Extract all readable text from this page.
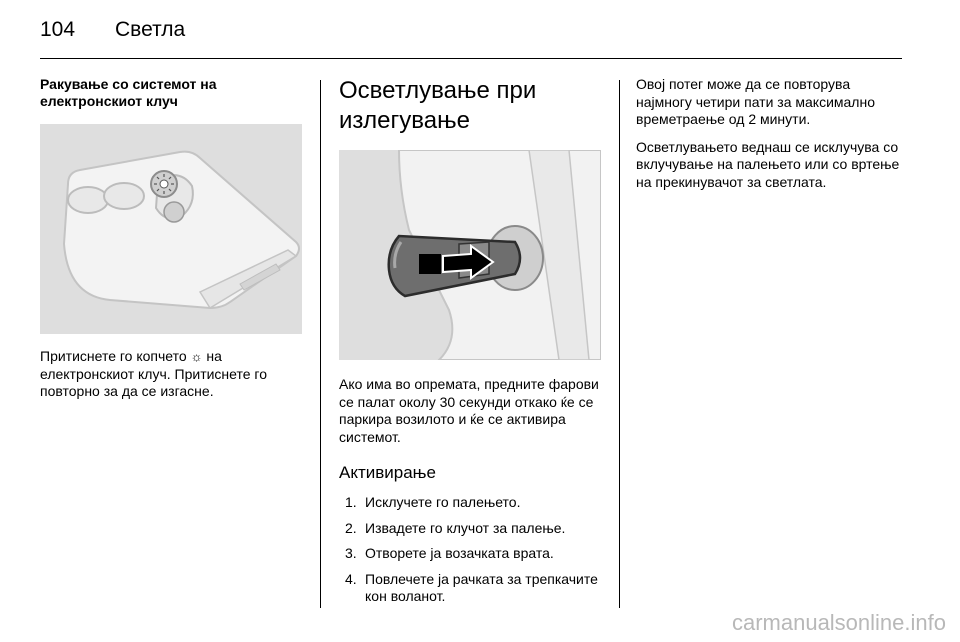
104 Светла
Ракување со системот на електронскиот клуч

Притиснете го копчето ☼ на електронскиот клуч. Притиснете го повторно за да се изгасне.

Осветлување при излегување

Ако има во опремата, предните фарови се палат околу 30 секунди откако ќе се паркира возилото и ќе се активира системот.

Активирање
1. Исклучете го палењето.
2. Извадете го клучот за палење.
3. Отворете ја возачката врата.
4. Повлечете ја рачката за трепкачите кон воланот.

Овој потег може да се повторува најмногу четири пати за максимално времетраење од 2 минути.

Осветлувањето веднаш се исклучува со вклучување на палењето или со вртење на прекинувачот за светлата.

carmanualsonline.info
